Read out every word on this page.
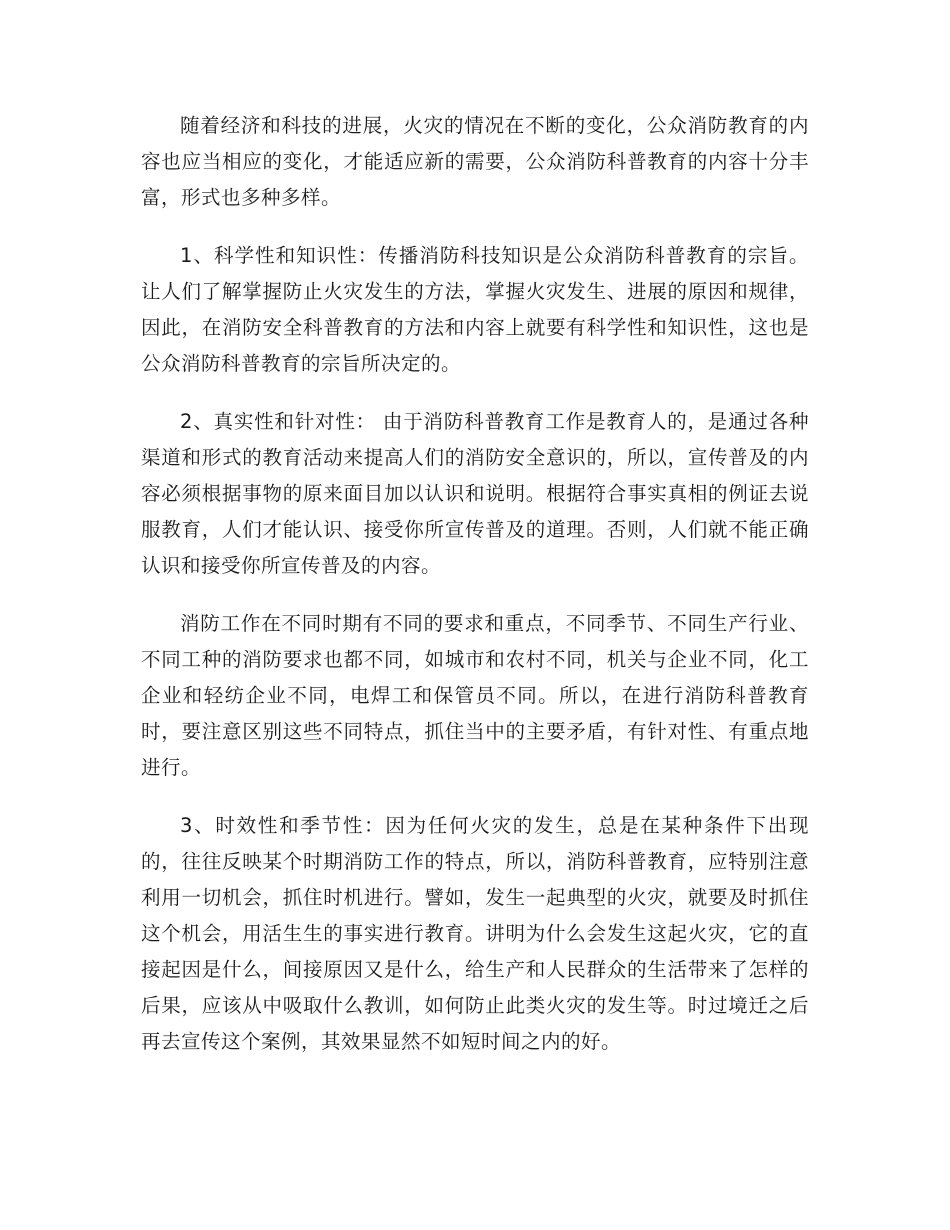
随着经济和科技的进展，火灾的情况在不断的变化，公众消防教育的内容也应当相应的变化，才能适应新的需要，公众消防科普教育的内容十分丰富，形式也多种多样。

1、科学性和知识性：传播消防科技知识是公众消防科普教育的宗旨。让人们了解掌握防止火灾发生的方法，掌握火灾发生、进展的原因和规律，因此，在消防安全科普教育的方法和内容上就要有科学性和知识性，这也是公众消防科普教育的宗旨所决定的。

2、真实性和针对性： 由于消防科普教育工作是教育人的，是通过各种渠道和形式的教育活动来提高人们的消防安全意识的，所以，宣传普及的内容必须根据事物的原来面目加以认识和说明。根据符合事实真相的例证去说服教育，人们才能认识、接受你所宣传普及的道理。否则，人们就不能正确认识和接受你所宣传普及的内容。

消防工作在不同时期有不同的要求和重点，不同季节、不同生产行业、不同工种的消防要求也都不同，如城市和农村不同，机关与企业不同，化工企业和轻纺企业不同，电焊工和保管员不同。所以，在进行消防科普教育时，要注意区别这些不同特点，抓住当中的主要矛盾，有针对性、有重点地进行。

3、时效性和季节性：因为任何火灾的发生，总是在某种条件下出现的，往往反映某个时期消防工作的特点，所以，消防科普教育，应特别注意利用一切机会，抓住时机进行。譬如，发生一起典型的火灾，就要及时抓住这个机会，用活生生的事实进行教育。讲明为什么会发生这起火灾，它的直接起因是什么，间接原因又是什么，给生产和人民群众的生活带来了怎样的后果，应该从中吸取什么教训，如何防止此类火灾的发生等。时过境迁之后再去宣传这个案例，其效果显然不如短时间之内的好。
